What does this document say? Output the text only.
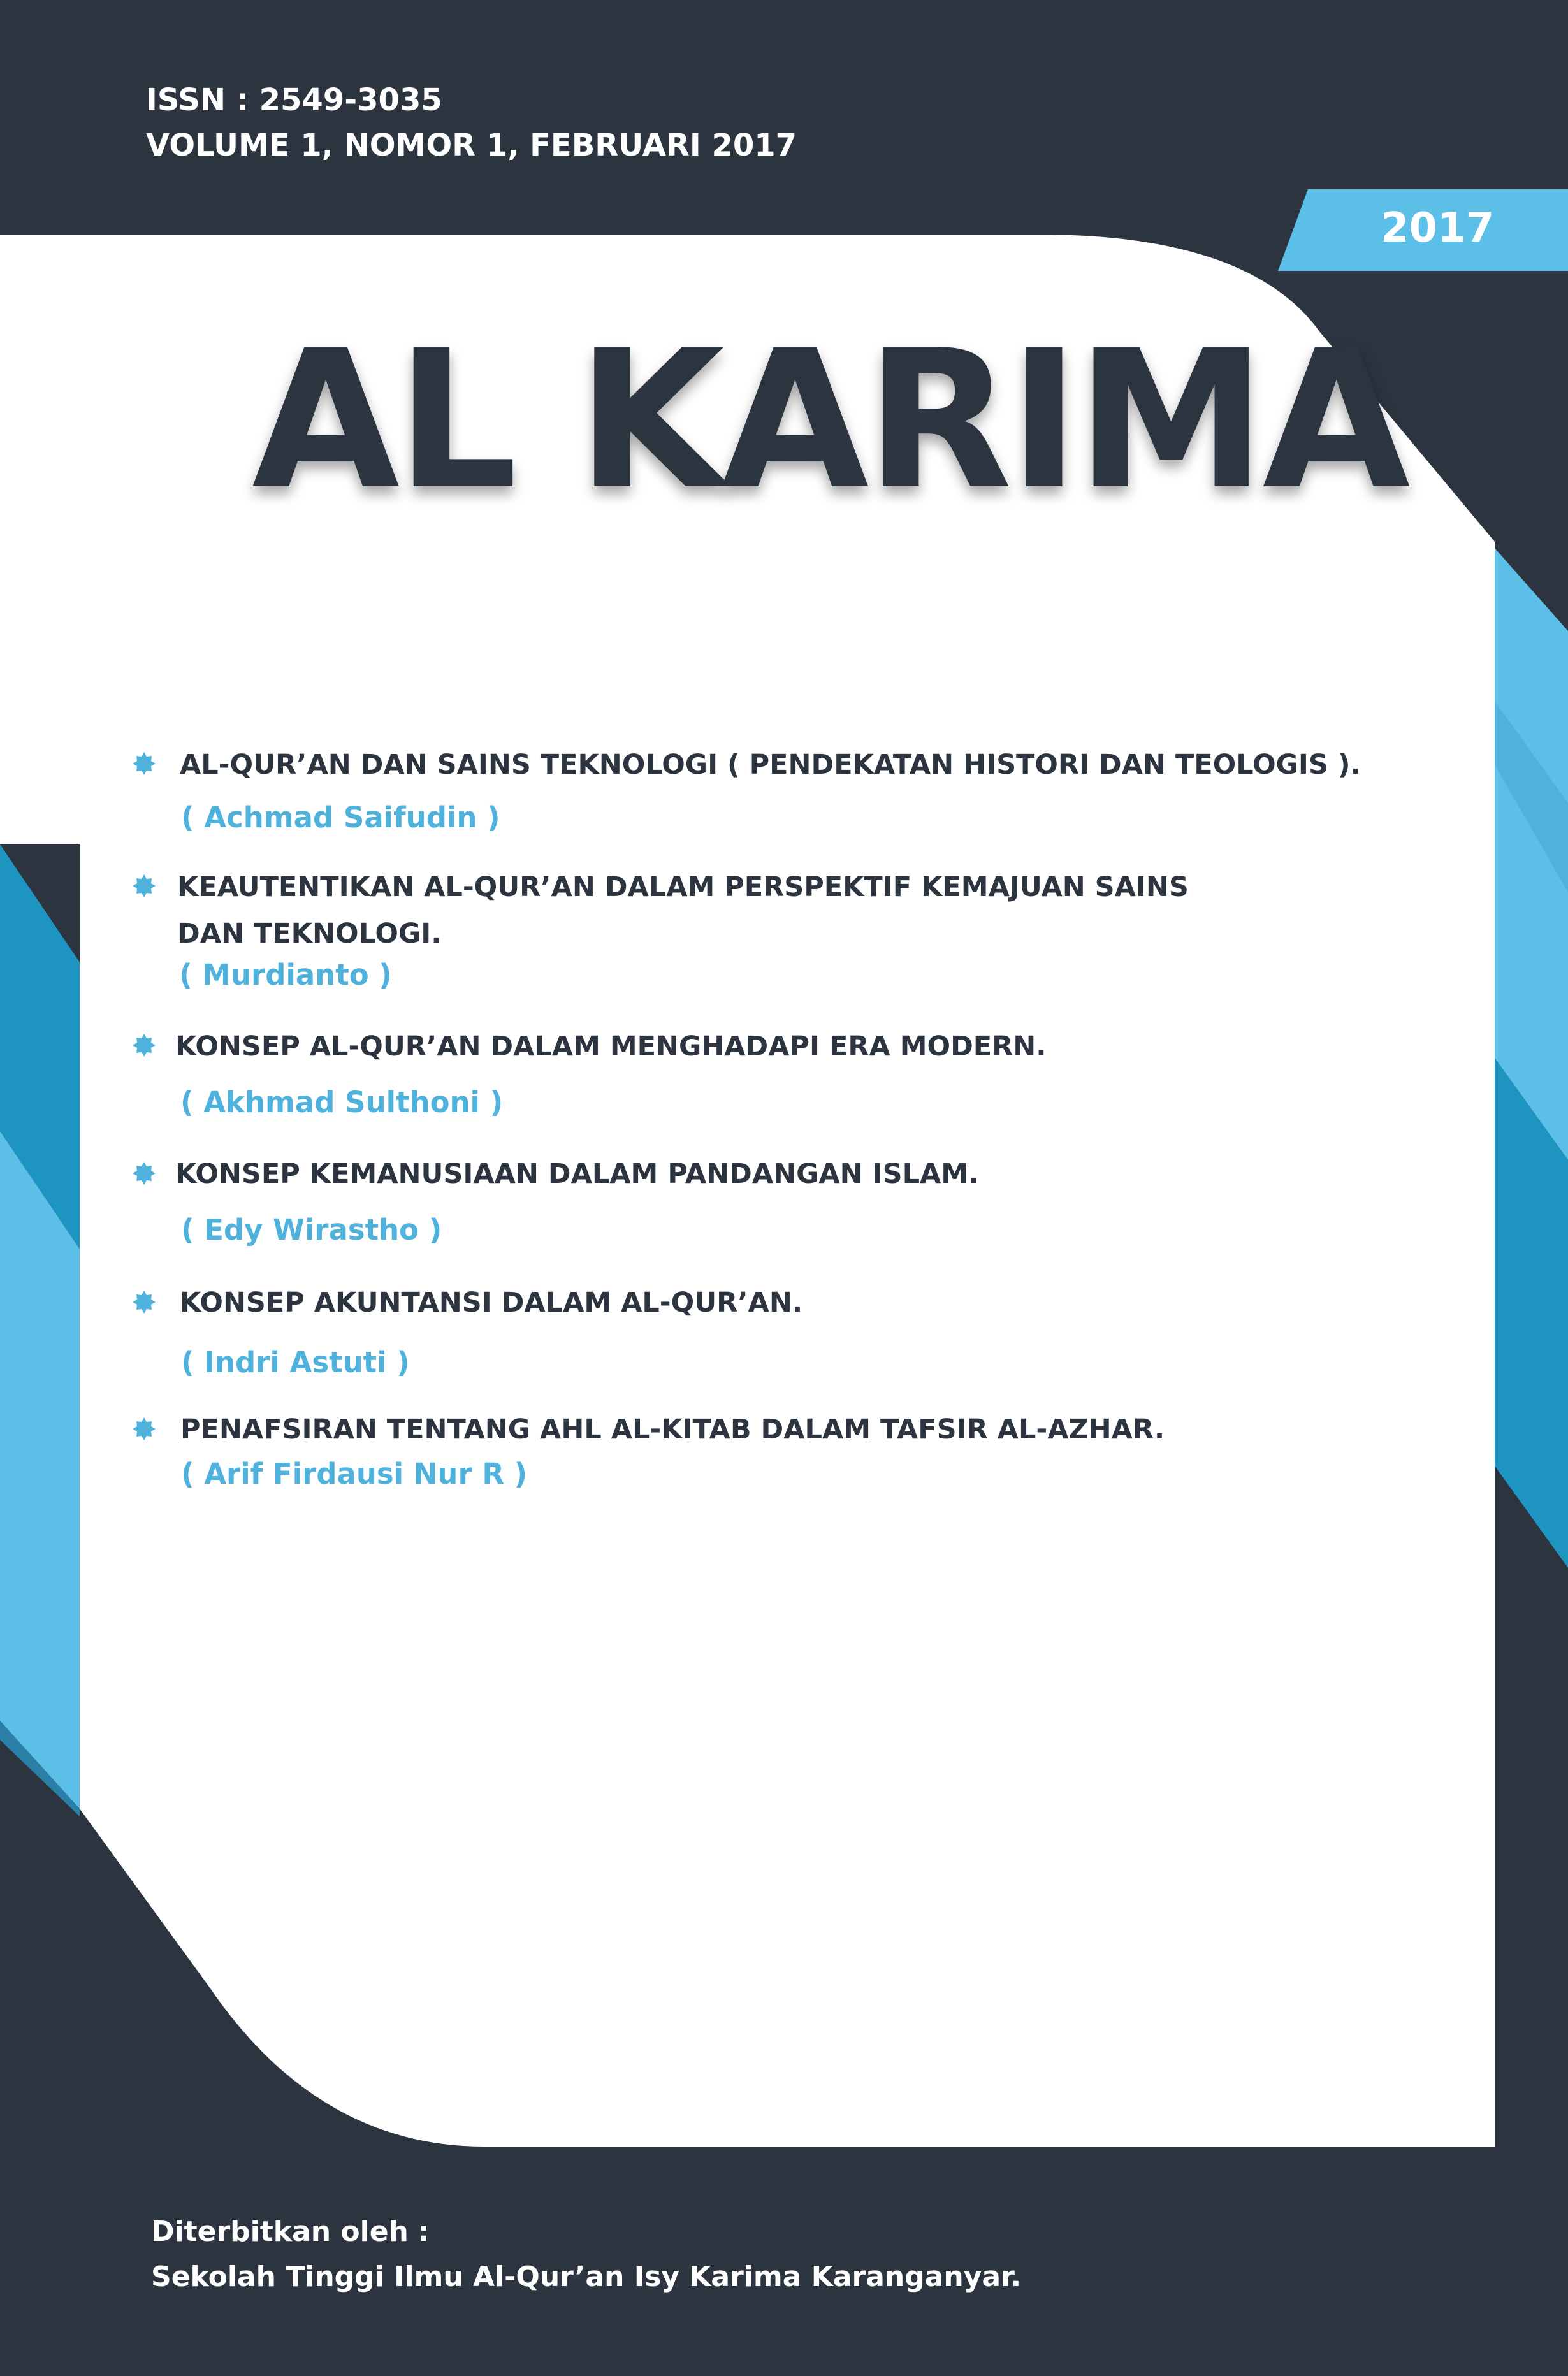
ISSN : 2549-3035
VOLUME 1, NOMOR 1, FEBRUARI 2017
2017
AL KARIMA
AL-QUR’AN DAN SAINS TEKNOLOGI ( PENDEKATAN HISTORI DAN TEOLOGIS ).
( Achmad Saifudin )
KEAUTENTIKAN AL-QUR’AN DALAM PERSPEKTIF KEMAJUAN SAINS
DAN TEKNOLOGI.
( Murdianto )
KONSEP AL-QUR’AN DALAM MENGHADAPI ERA MODERN.
( Akhmad Sulthoni )
KONSEP KEMANUSIAAN DALAM PANDANGAN ISLAM.
( Edy Wirastho )
KONSEP AKUNTANSI DALAM AL-QUR’AN.
( Indri Astuti )
PENAFSIRAN TENTANG AHL AL-KITAB DALAM TAFSIR AL-AZHAR.
( Arif Firdausi Nur R )
Diterbitkan oleh :
Sekolah Tinggi Ilmu Al-Qur’an Isy Karima Karanganyar.
